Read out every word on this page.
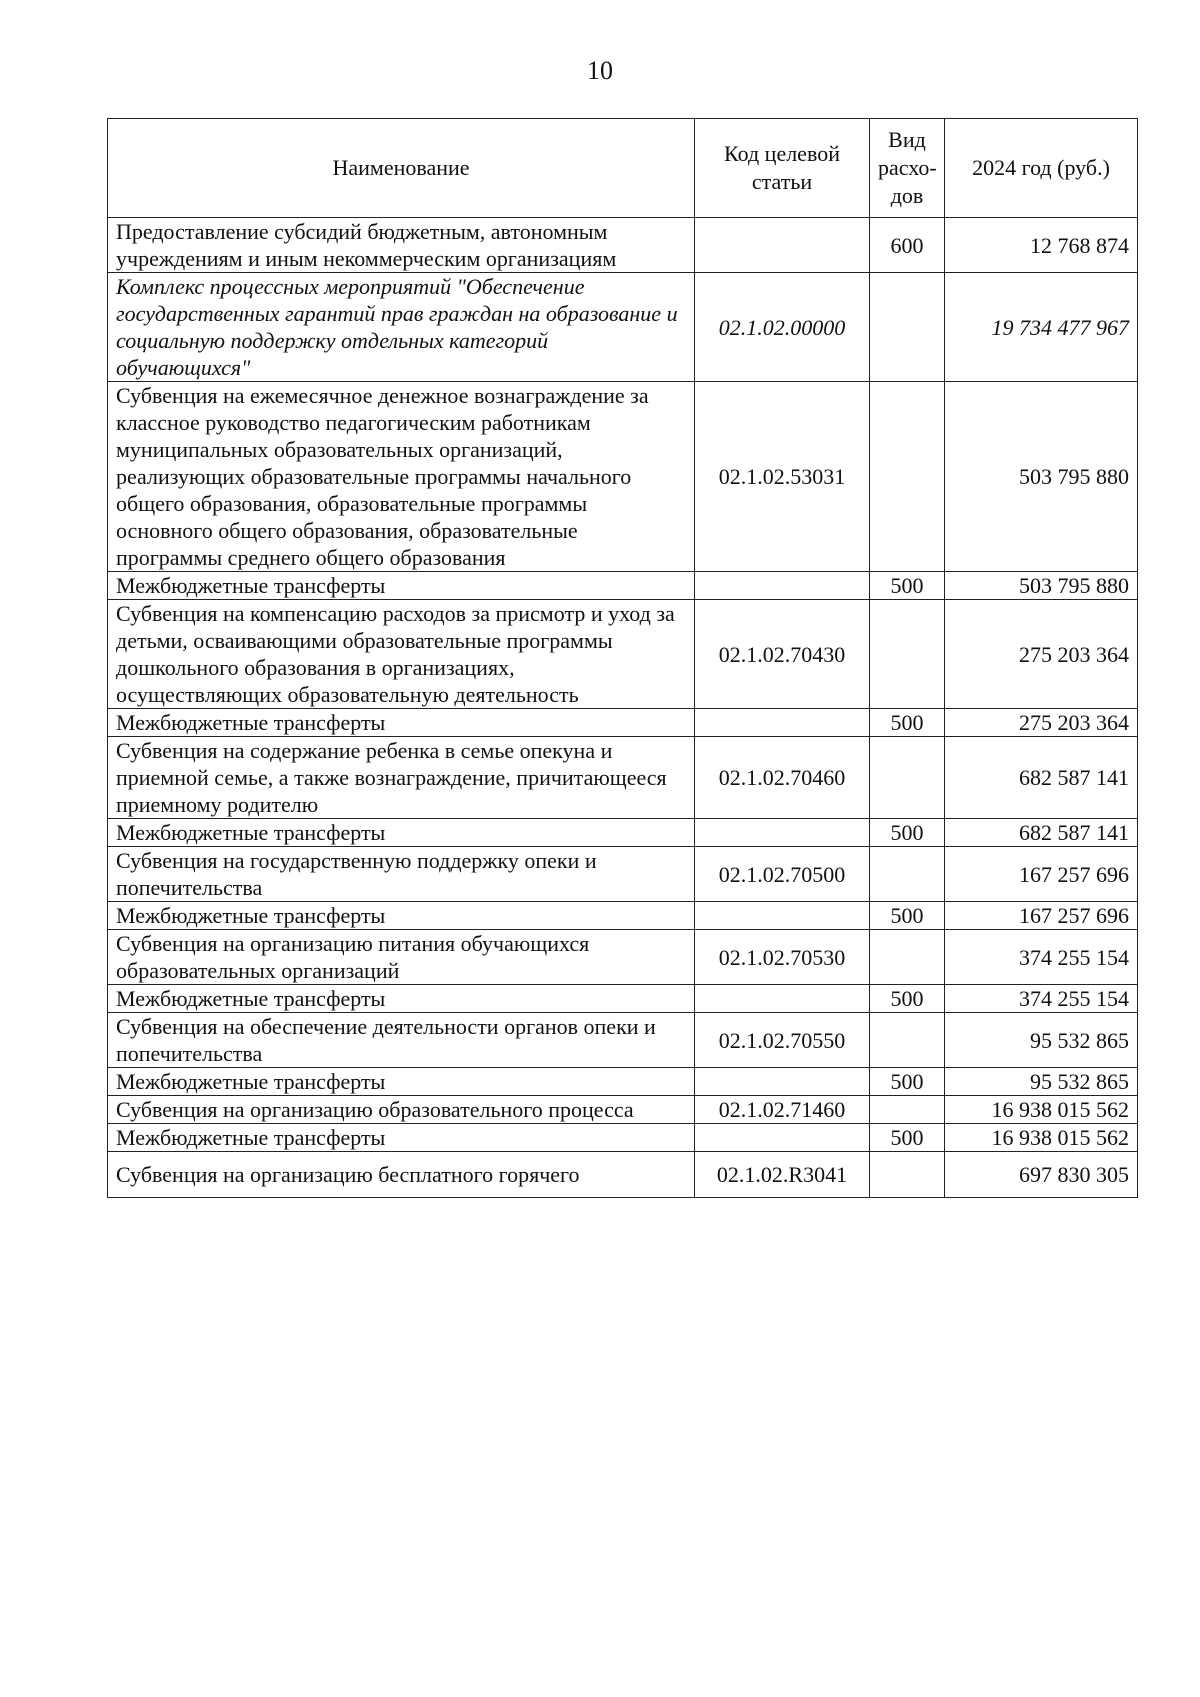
10
Наименование	Код целевой статьи	Вид расхо-дов	2024 год (руб.)
Предоставление субсидий бюджетным, автономным учреждениям и иным некоммерческим организациям		600	12 768 874
Комплекс процессных мероприятий "Обеспечение государственных гарантий прав граждан на образование и социальную поддержку отдельных категорий обучающихся"	02.1.02.00000		19 734 477 967
Субвенция на ежемесячное денежное вознаграждение за классное руководство педагогическим работникам муниципальных образовательных организаций, реализующих образовательные программы начального общего образования, образовательные программы основного общего образования, образовательные программы среднего общего образования	02.1.02.53031		503 795 880
Межбюджетные трансферты		500	503 795 880
Субвенция на компенсацию расходов за присмотр и уход за детьми, осваивающими образовательные программы дошкольного образования в организациях, осуществляющих образовательную деятельность	02.1.02.70430		275 203 364
Межбюджетные трансферты		500	275 203 364
Субвенция на содержание ребенка в семье опекуна и приемной семье, а также вознаграждение, причитающееся приемному родителю	02.1.02.70460		682 587 141
Межбюджетные трансферты		500	682 587 141
Субвенция на государственную поддержку опеки и попечительства	02.1.02.70500		167 257 696
Межбюджетные трансферты		500	167 257 696
Субвенция на организацию питания обучающихся образовательных организаций	02.1.02.70530		374 255 154
Межбюджетные трансферты		500	374 255 154
Субвенция на обеспечение деятельности органов опеки и попечительства	02.1.02.70550		95 532 865
Межбюджетные трансферты		500	95 532 865
Субвенция на организацию образовательного процесса	02.1.02.71460		16 938 015 562
Межбюджетные трансферты		500	16 938 015 562
Субвенция на организацию бесплатного горячего	02.1.02.R3041		697 830 305
